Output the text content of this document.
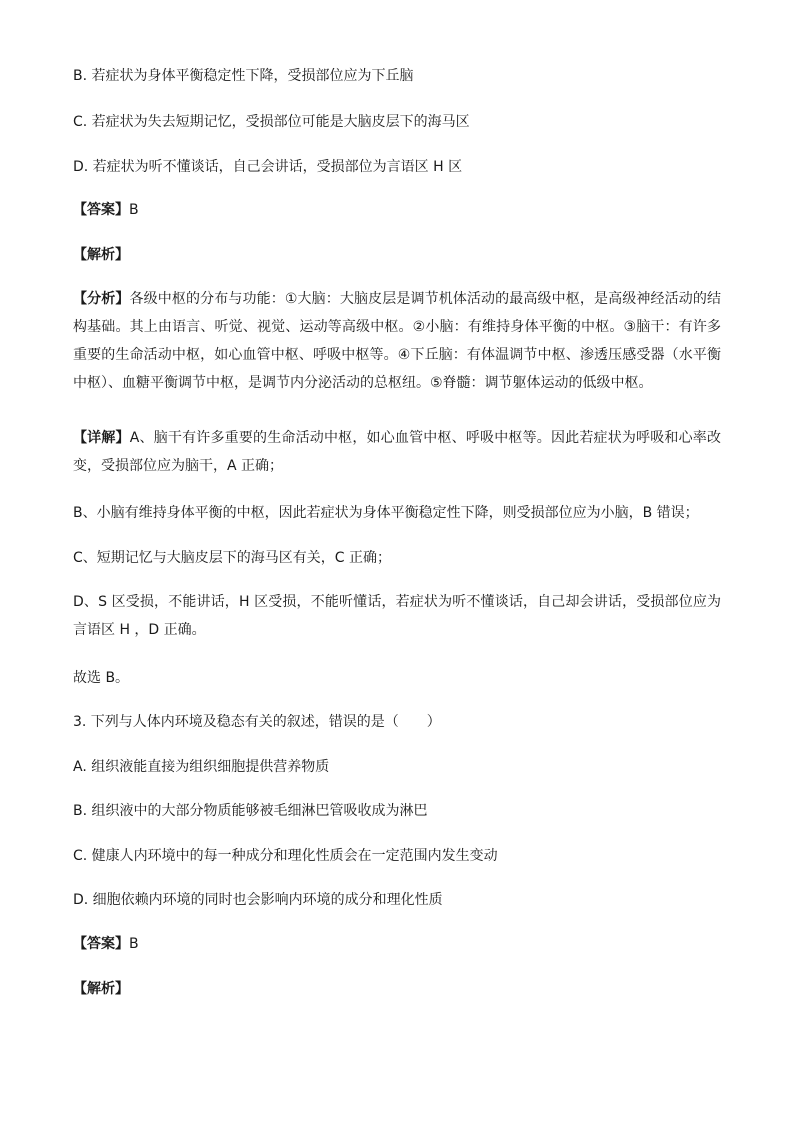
B. 若症状为身体平衡稳定性下降，受损部位应为下丘脑
C. 若症状为失去短期记忆，受损部位可能是大脑皮层下的海马区
D. 若症状为听不懂谈话，自己会讲话，受损部位为言语区 H 区
【答案】B
【解析】
【分析】各级中枢的分布与功能：①大脑：大脑皮层是调节机体活动的最高级中枢，是高级神经活动的结构基础。其上由语言、听觉、视觉、运动等高级中枢。②小脑：有维持身体平衡的中枢。③脑干：有许多重要的生命活动中枢，如心血管中枢、呼吸中枢等。④下丘脑：有体温调节中枢、渗透压感受器（水平衡中枢）、血糖平衡调节中枢，是调节内分泌活动的总枢纽。⑤脊髓：调节躯体运动的低级中枢。
【详解】A、脑干有许多重要的生命活动中枢，如心血管中枢、呼吸中枢等。因此若症状为呼吸和心率改变，受损部位应为脑干，A 正确；
B、小脑有维持身体平衡的中枢，因此若症状为身体平衡稳定性下降，则受损部位应为小脑，B 错误；
C、短期记忆与大脑皮层下的海马区有关，C 正确；
D、S 区受损，不能讲话，H 区受损，不能听懂话，若症状为听不懂谈话，自己却会讲话，受损部位应为言语区 H ，D 正确。
故选 B。
3. 下列与人体内环境及稳态有关的叙述，错误的是（　　）
A. 组织液能直接为组织细胞提供营养物质
B. 组织液中的大部分物质能够被毛细淋巴管吸收成为淋巴
C. 健康人内环境中的每一种成分和理化性质会在一定范围内发生变动
D. 细胞依赖内环境的同时也会影响内环境的成分和理化性质
【答案】B
【解析】
